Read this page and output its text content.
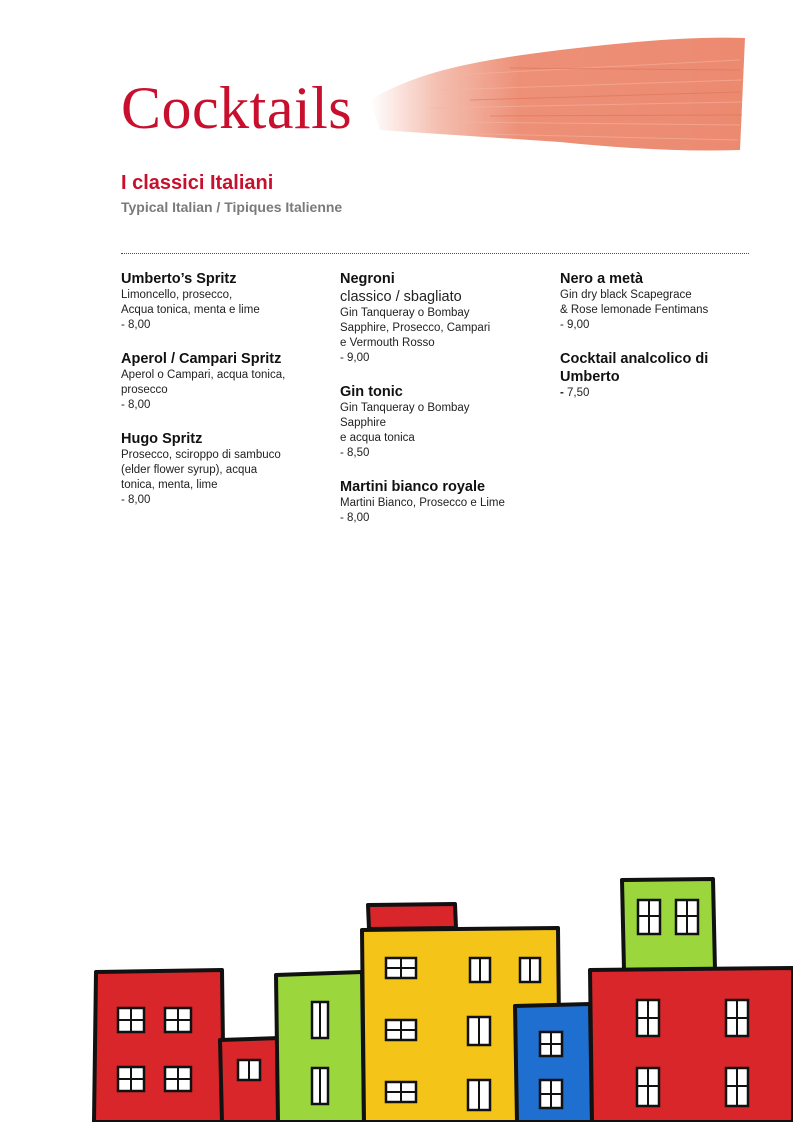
Cocktails
I classici Italiani
Typical Italian / Tipiques Italienne
Umberto’s Spritz
Limoncello, prosecco,
Acqua tonica, menta e lime
- 8,00
Aperol / Campari Spritz
Aperol o Campari, acqua tonica,
prosecco
- 8,00
Hugo Spritz
Prosecco, sciroppo di sambuco
(elder flower syrup), acqua
tonica, menta, lime
- 8,00
Negroni
classico / sbagliato
Gin Tanqueray o Bombay
Sapphire, Prosecco, Campari
e Vermouth Rosso
- 9,00
Gin tonic
Gin Tanqueray o Bombay
Sapphire
e acqua tonica
- 8,50
Martini bianco royale
Martini Bianco, Prosecco e Lime
- 8,00
Nero a metà
Gin dry black Scapegrace
& Rose lemonade Fentimans
- 9,00
Cocktail analcolico di
Umberto
- 7,50
